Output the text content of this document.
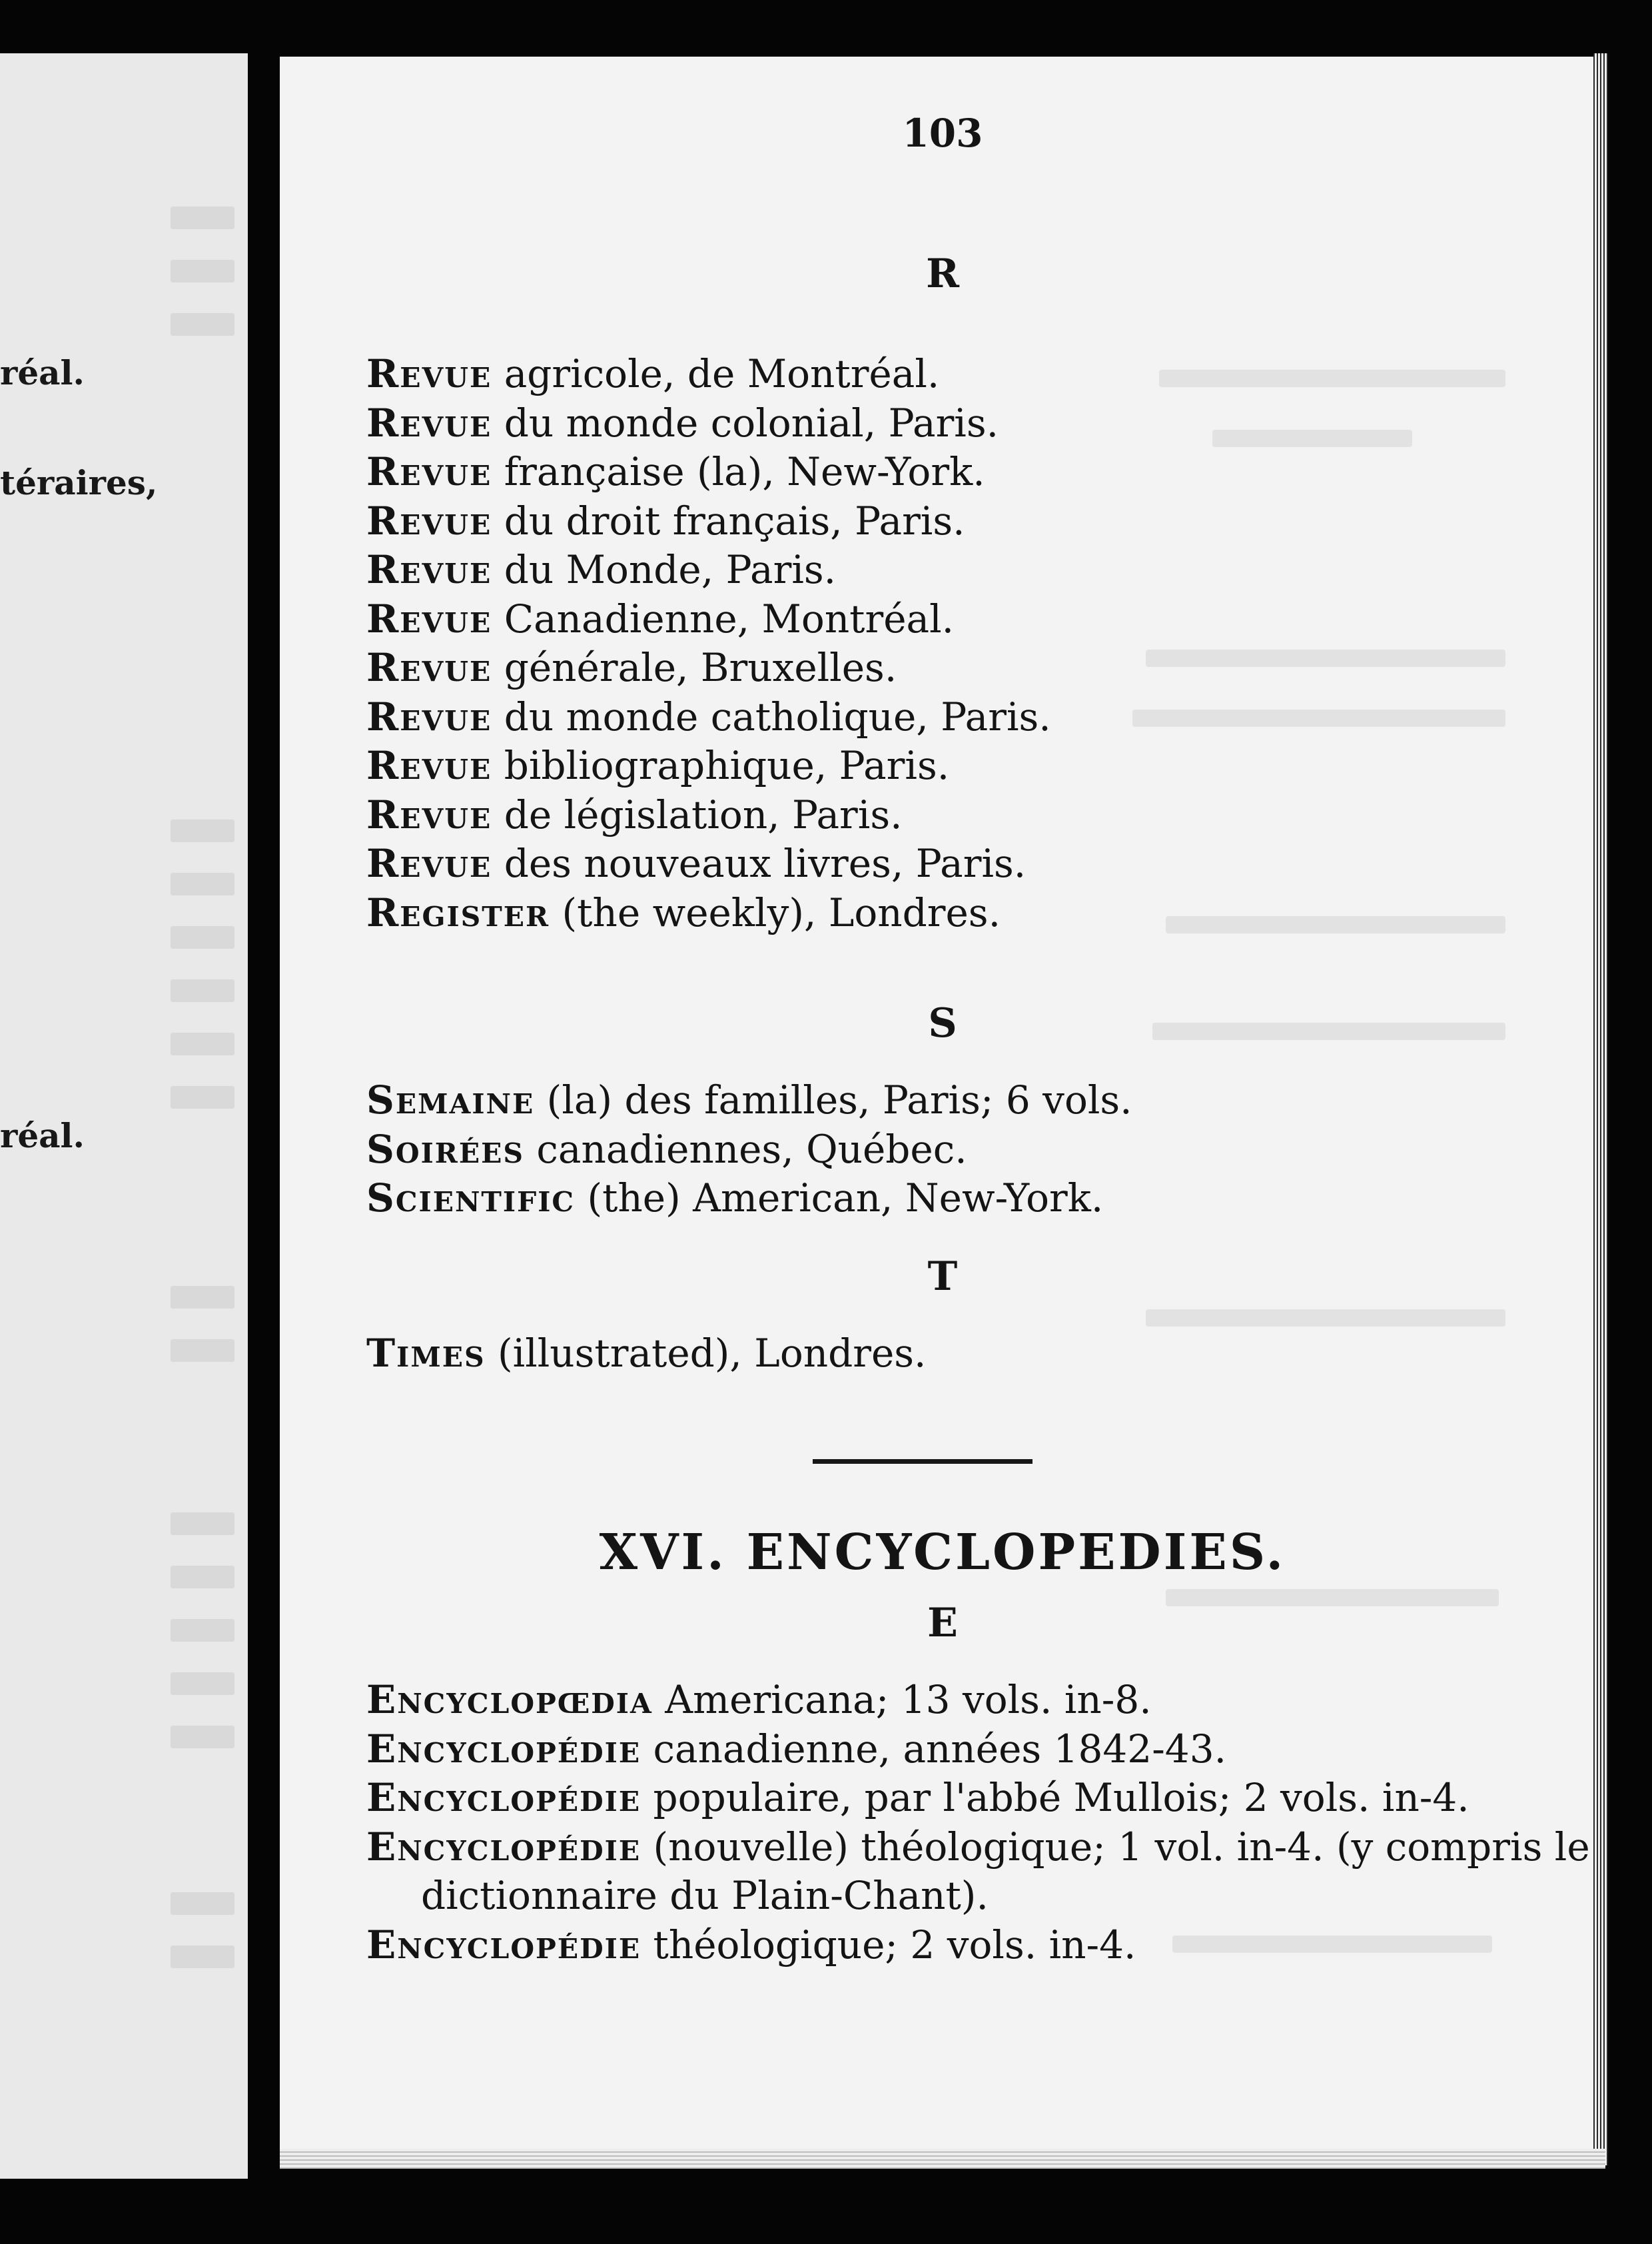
réal.
téraires,
réal.
103
R
Revue agricole, de Montréal.
Revue du monde colonial, Paris.
Revue française (la), New-York.
Revue du droit français, Paris.
Revue du Monde, Paris.
Revue Canadienne, Montréal.
Revue générale, Bruxelles.
Revue du monde catholique, Paris.
Revue bibliographique, Paris.
Revue de législation, Paris.
Revue des nouveaux livres, Paris.
Register (the weekly), Londres.
S
Semaine (la) des familles, Paris; 6 vols.
Soirées canadiennes, Québec.
Scientific (the) American, New-York.
T
Times (illustrated), Londres.
XVI. ENCYCLOPEDIES.
E
Encyclopœdia Americana; 13 vols. in-8.
Encyclopédie canadienne, années 1842-43.
Encyclopédie populaire, par l'abbé Mullois; 2 vols. in-4.
Encyclopédie (nouvelle) théologique; 1 vol. in-4. (y compris le dictionnaire du Plain-Chant).
Encyclopédie théologique; 2 vols. in-4.
